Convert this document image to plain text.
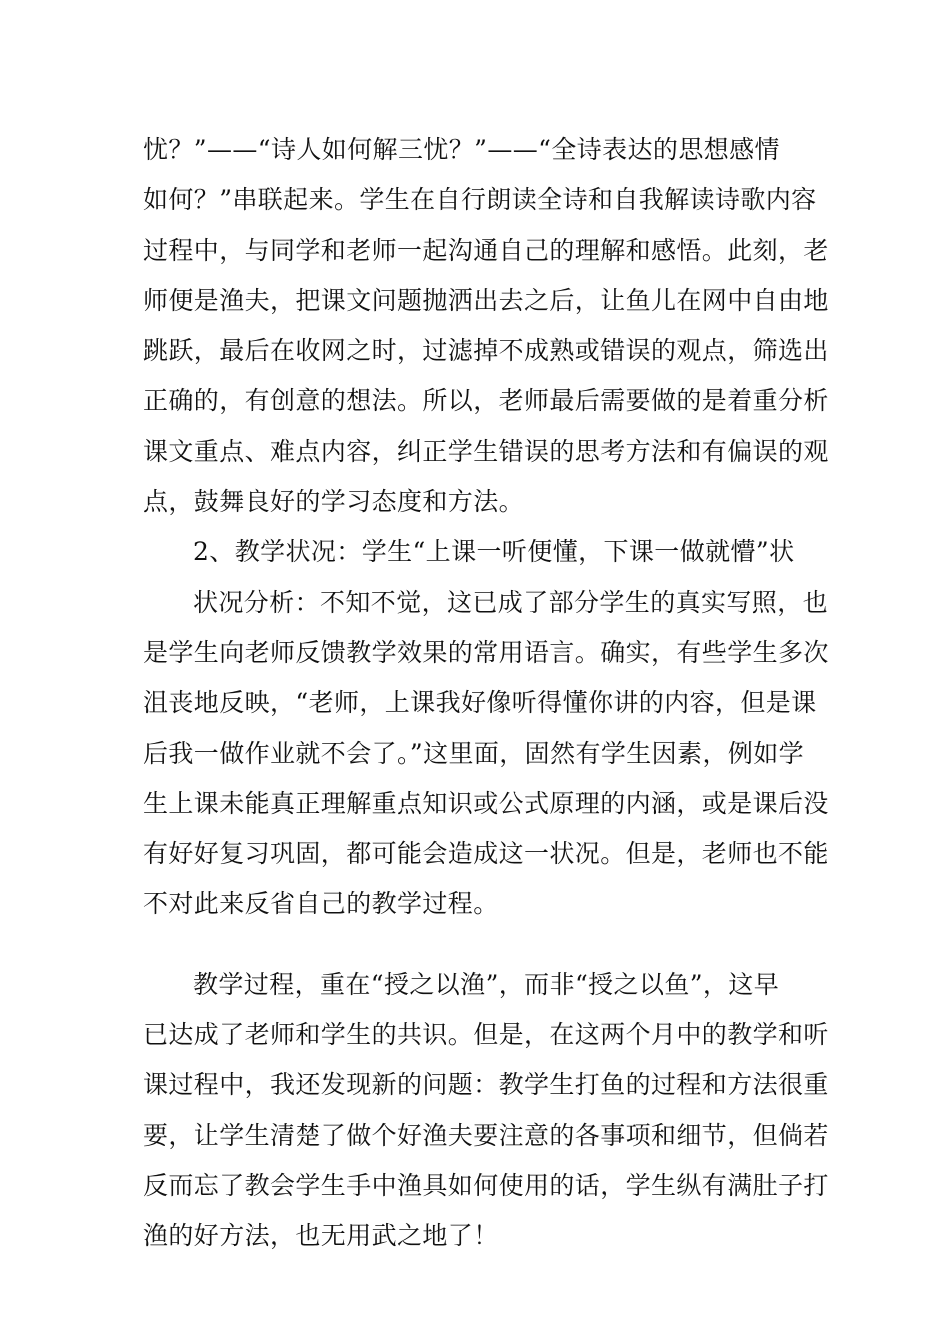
忧？”——“诗人如何解三忧？”——“全诗表达的思想感情
如何？”串联起来。学生在自行朗读全诗和自我解读诗歌内容
过程中，与同学和老师一起沟通自己的理解和感悟。此刻，老
师便是渔夫，把课文问题抛洒出去之后，让鱼儿在网中自由地
跳跃，最后在收网之时，过滤掉不成熟或错误的观点，筛选出
正确的，有创意的想法。所以，老师最后需要做的是着重分析
课文重点、难点内容，纠正学生错误的思考方法和有偏误的观
点，鼓舞良好的学习态度和方法。
2、教学状况：学生“上课一听便懂，下课一做就懵”状
状况分析：不知不觉，这已成了部分学生的真实写照，也
是学生向老师反馈教学效果的常用语言。确实，有些学生多次
沮丧地反映，“老师，上课我好像听得懂你讲的内容，但是课
后我一做作业就不会了。”这里面，固然有学生因素，例如学
生上课未能真正理解重点知识或公式原理的内涵，或是课后没
有好好复习巩固，都可能会造成这一状况。但是，老师也不能
不对此来反省自己的教学过程。
教学过程，重在“授之以渔”，而非“授之以鱼”，这早
已达成了老师和学生的共识。但是，在这两个月中的教学和听
课过程中，我还发现新的问题：教学生打鱼的过程和方法很重
要，让学生清楚了做个好渔夫要注意的各事项和细节，但倘若
反而忘了教会学生手中渔具如何使用的话，学生纵有满肚子打
渔的好方法，也无用武之地了！
